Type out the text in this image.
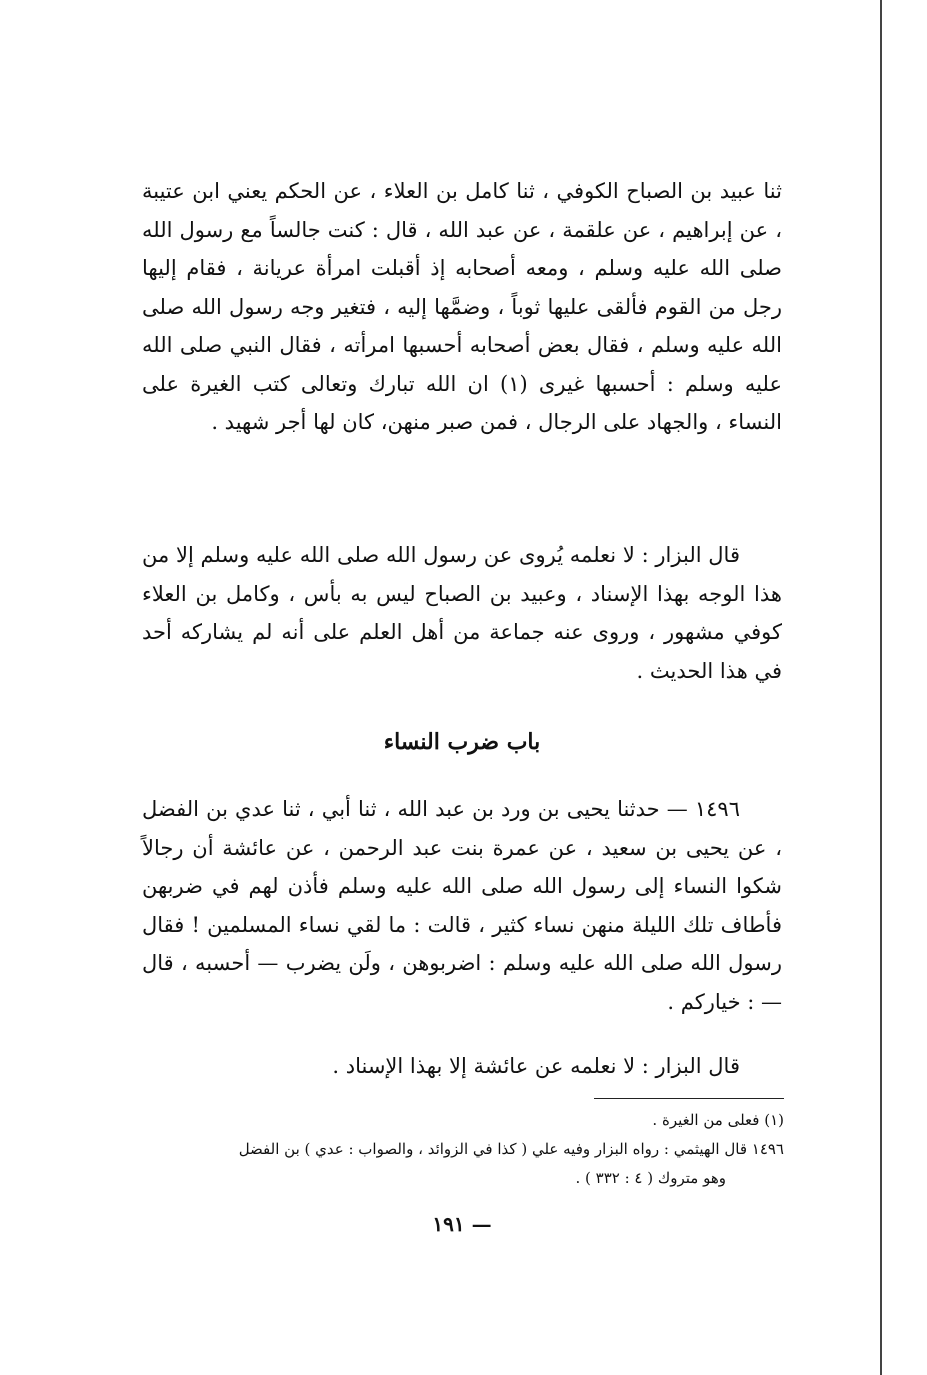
ثنا عبيد بن الصباح الكوفي ، ثنا كامل بن العلاء ، عن الحكم يعني ابن عتيبة ، عن إبراهيم ، عن علقمة ، عن عبد الله ، قال : كنت جالساً مع رسول الله صلى الله عليه وسلم ، ومعه أصحابه إذ أقبلت امرأة عريانة ، فقام إليها رجل من القوم فألقى عليها ثوباً ، وضمَّها إليه ، فتغير وجه رسول الله صلى الله عليه وسلم ، فقال بعض أصحابه أحسبها امرأته ، فقال النبي صلى الله عليه وسلم : أحسبها غيرى (١) ان الله تبارك وتعالى كتب الغيرة على النساء ، والجهاد على الرجال ، فمن صبر منهن، كان لها أجر شهيد .

قال البزار : لا نعلمه يُروى عن رسول الله صلى الله عليه وسلم إلا من هذا الوجه بهذا الإسناد ، وعبيد بن الصباح ليس به بأس ، وكامل بن العلاء كوفي مشهور ، وروى عنه جماعة من أهل العلم على أنه لم يشاركه أحد في هذا الحديث .

باب ضرب النساء

١٤٩٦ — حدثنا يحيى بن ورد بن عبد الله ، ثنا أبي ، ثنا عدي بن الفضل ، عن يحيى بن سعيد ، عن عمرة بنت عبد الرحمن ، عن عائشة أن رجالاً شكوا النساء إلى رسول الله صلى الله عليه وسلم فأذن لهم في ضربهن فأطاف تلك الليلة منهن نساء كثير ، قالت : ما لقي نساء المسلمين ! فقال رسول الله صلى الله عليه وسلم : اضربوهن ، ولَن يضرب — أحسبه ، قال — : خياركم .

قال البزار : لا نعلمه عن عائشة إلا بهذا الإسناد .

(١) فعلى من الغيرة .

١٤٩٦ قال الهيثمي : رواه البزار وفيه علي ( كذا في الزوائد ، والصواب : عدي ) بن الفضل

وهو متروك ( ٤ : ٣٣٢ ) .

— ١٩١
